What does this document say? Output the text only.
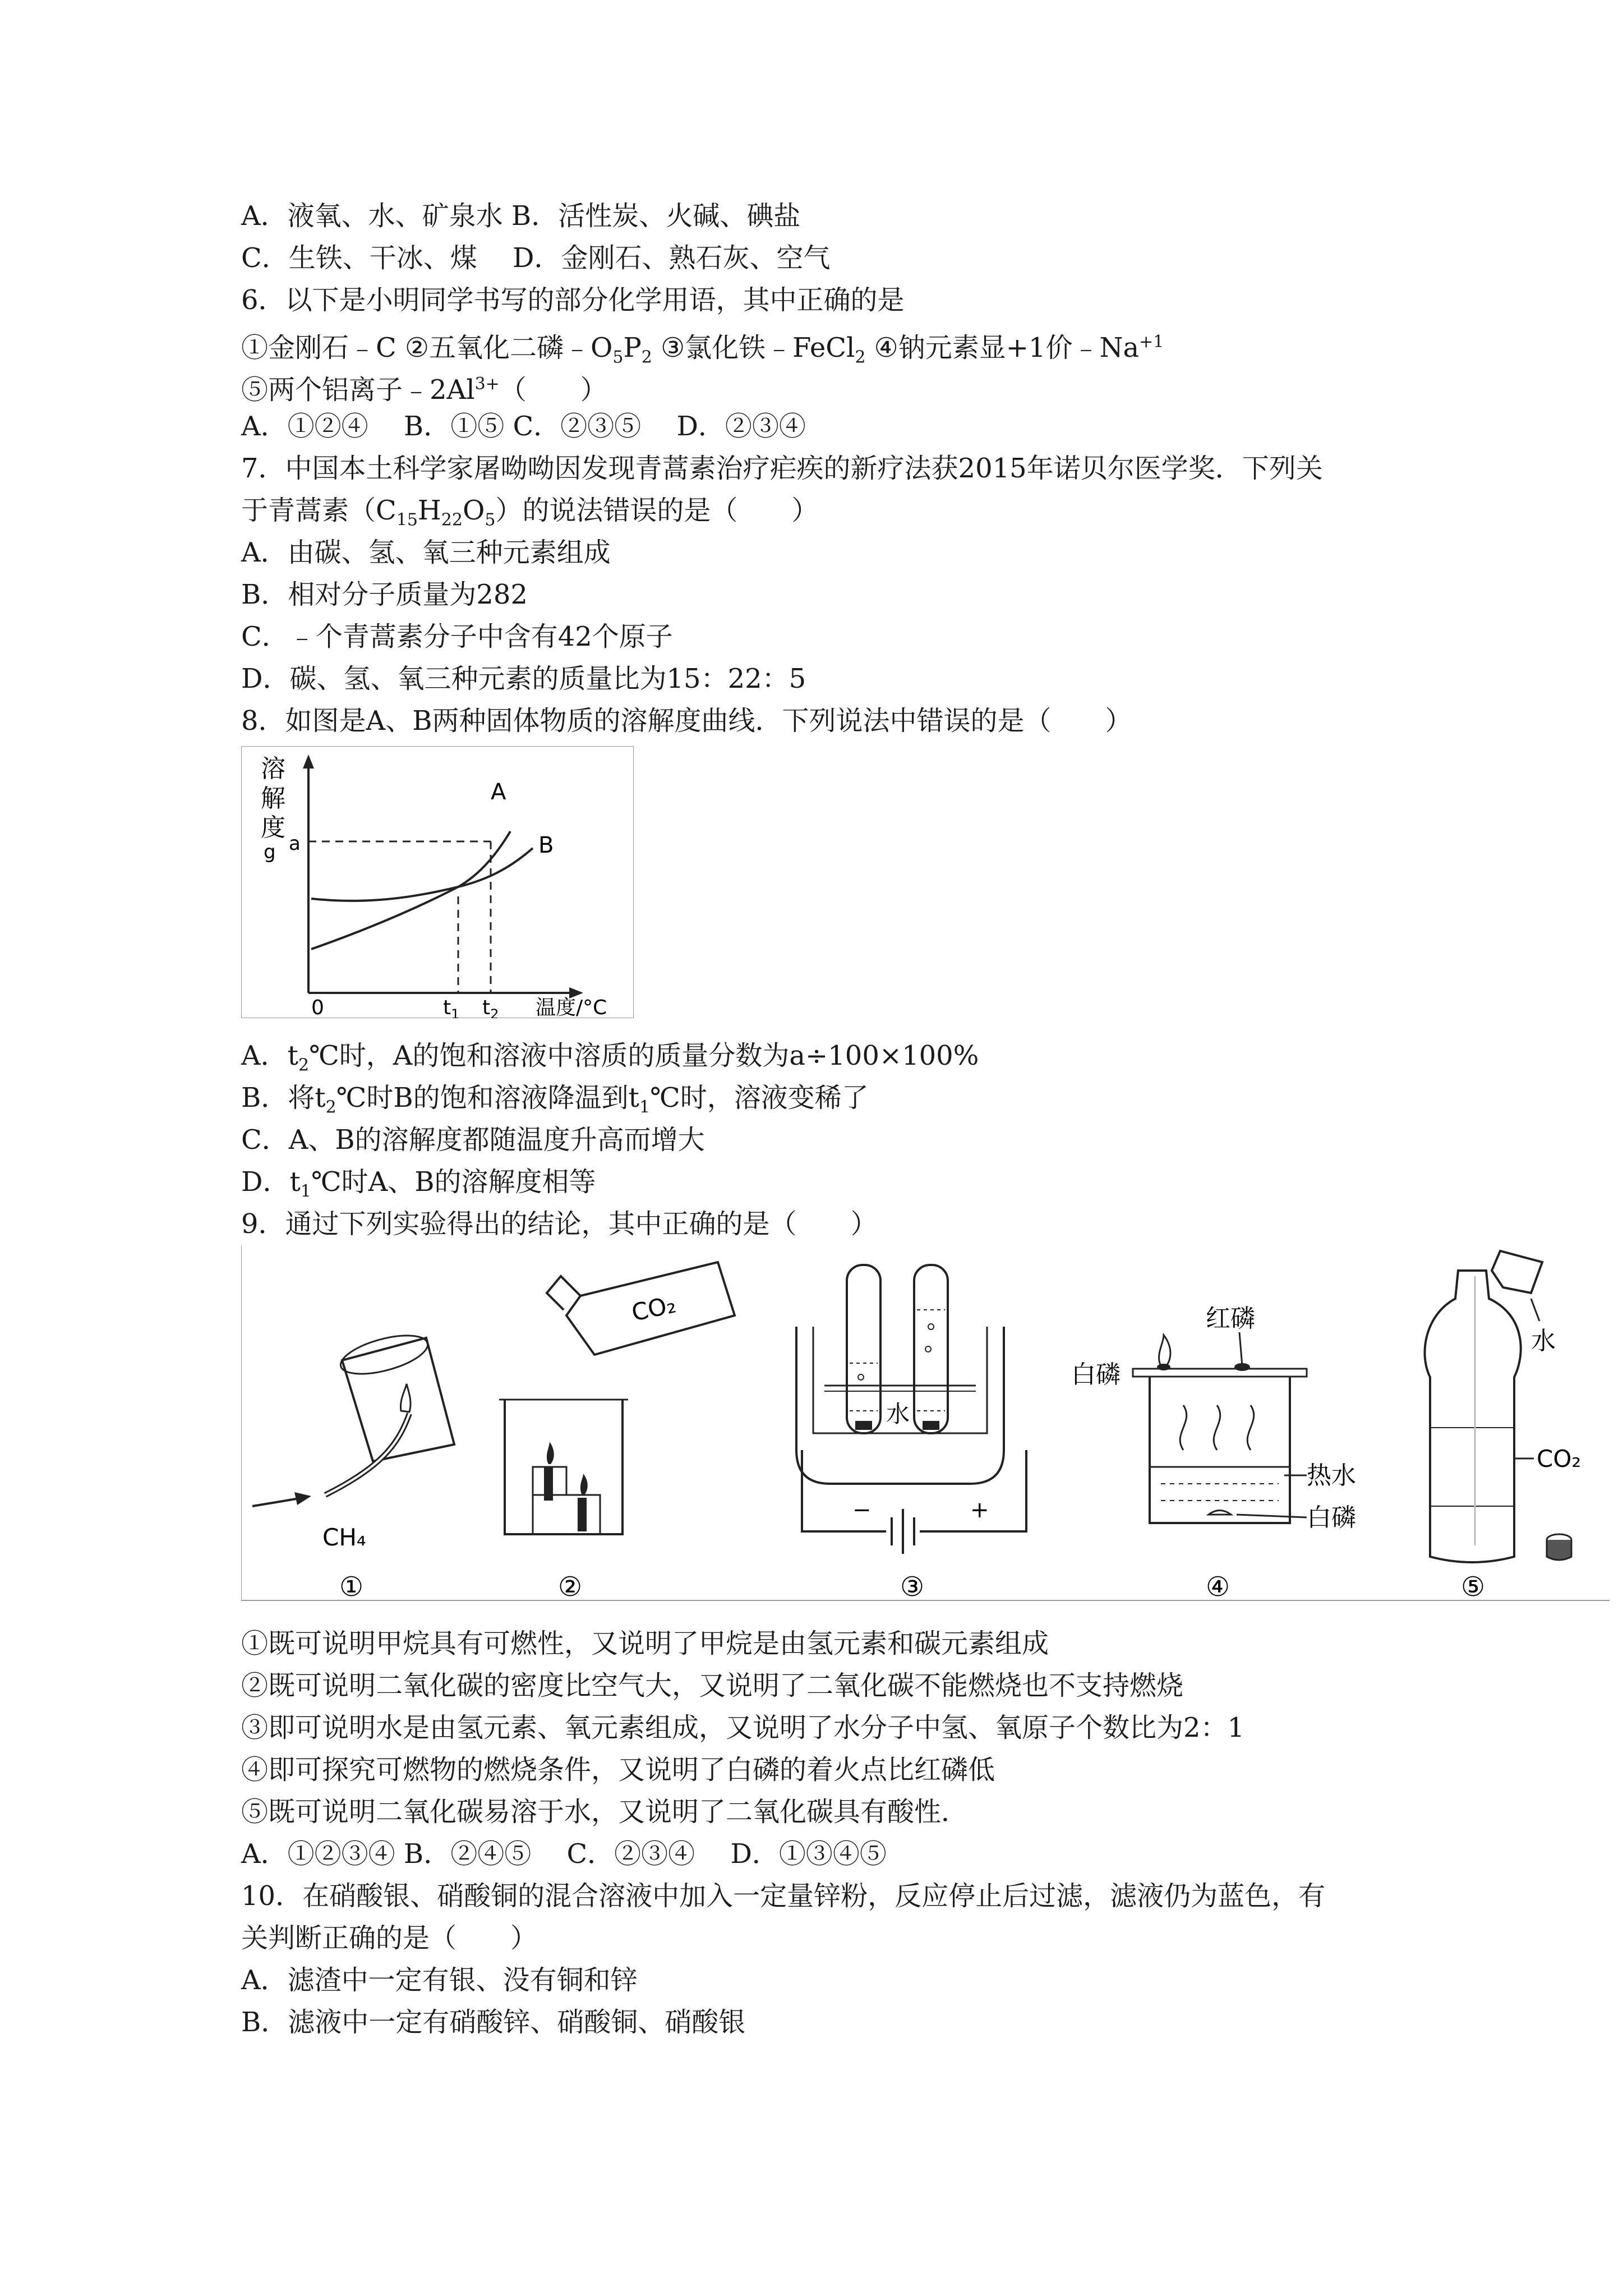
A．液氧、水、矿泉水 B．活性炭、火碱、碘盐
C．生铁、干冰、煤　 D．金刚石、熟石灰、空气
6．以下是小明同学书写的部分化学用语，其中正确的是
①金刚石﹣C ②五氧化二磷$﹣O_5P_2$ ③氯化铁﹣FeCl$_2$ ④钠元素显+1价$﹣Na^{+1}$
⑤两个铝离子$﹣2Al^{3+}$（　　）
A．①②④　 B．①⑤ C．②③⑤　 D．②③④
7．中国本土科学家屠呦呦因发现青蒿素治疗疟疾的新疗法获2015年诺贝尔医学奖．下列关
于青蒿素$(C_{15}H_{22}O_5)$的说法错误的是（　　）
A．由碳、氢、氧三种元素组成
B．相对分子质量为282
C．﹣个青蒿素分子中含有42个原子
D．碳、氢、氧三种元素的质量比为15：22：5
8．如图是A、B两种固体物质的溶解度曲线．下列说法中错误的是（　　）
溶
解
度
g a
A
B
0	$t_1$ $t_2$ 温度/°C
A．$t_2℃$时，A的饱和溶液中溶质的质量分数为a÷100×100%
B．将$t_2℃$时B的饱和溶液降温到$t_1℃$时，溶液变稀了
C．A、B的溶解度都随温度升高而增大
D．$t_1℃$时A、B的溶解度相等
9．通过下列实验得出的结论，其中正确的是（　　）
CH₄
①
CO₂
②
水
−	+
③
白磷
红磷
热水
白磷
④
水
CO₂
⑤
①既可说明甲烷具有可燃性，又说明了甲烷是由氢元素和碳元素组成
②既可说明二氧化碳的密度比空气大，又说明了二氧化碳不能燃烧也不支持燃烧
③即可说明水是由氢元素、氧元素组成，又说明了水分子中氢、氧原子个数比为2：1
④即可探究可燃物的燃烧条件，又说明了白磷的着火点比红磷低
⑤既可说明二氧化碳易溶于水，又说明了二氧化碳具有酸性．
A．①②③④ B．②④⑤　 C．②③④　 D．①③④⑤
10．在硝酸银、硝酸铜的混合溶液中加入一定量锌粉，反应停止后过滤，滤液仍为蓝色，有
关判断正确的是（　　）
A．滤渣中一定有银、没有铜和锌
B．滤液中一定有硝酸锌、硝酸铜、硝酸银
